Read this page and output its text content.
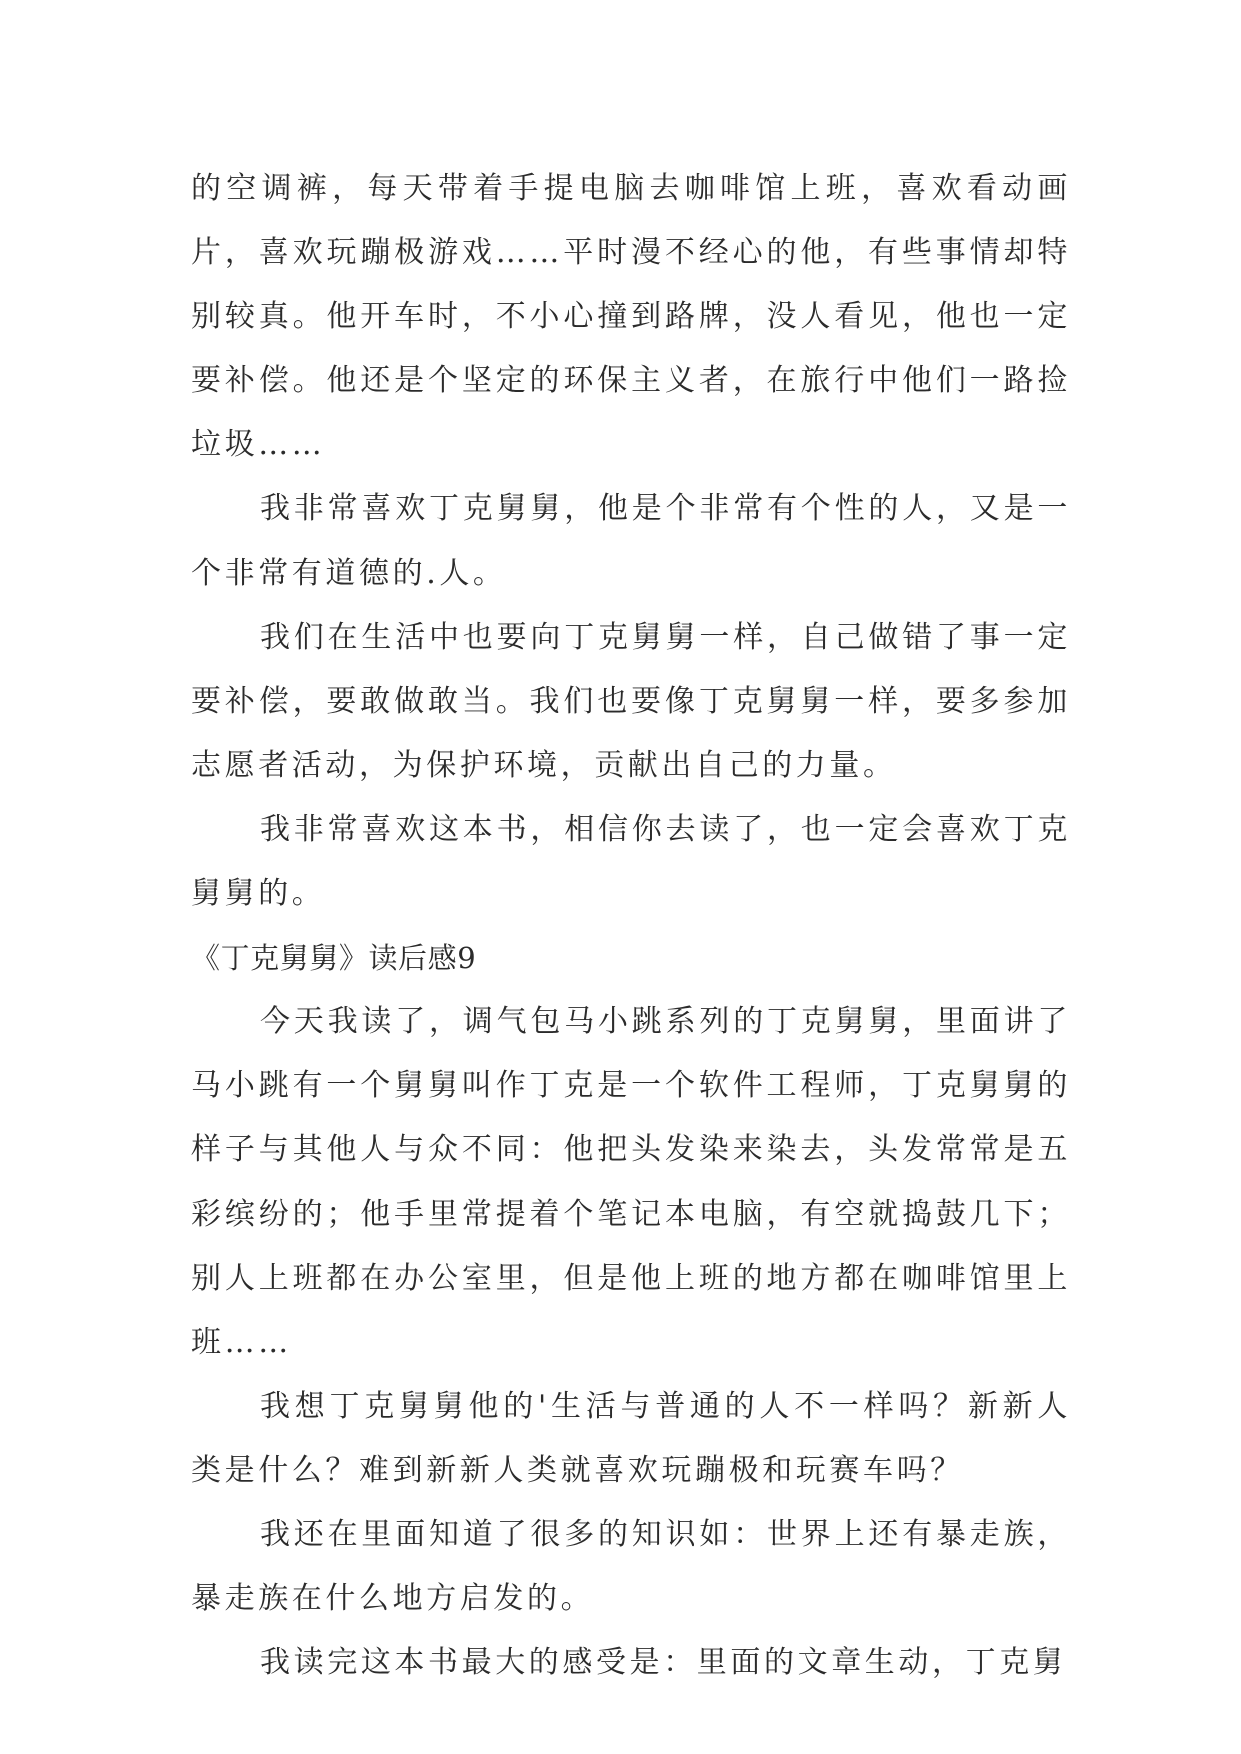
的空调裤，每天带着手提电脑去咖啡馆上班，喜欢看动画片，喜欢玩蹦极游戏……平时漫不经心的他，有些事情却特别较真。他开车时，不小心撞到路牌，没人看见，他也一定要补偿。他还是个坚定的环保主义者，在旅行中他们一路捡垃圾……

我非常喜欢丁克舅舅，他是个非常有个性的人，又是一个非常有道德的.人。

我们在生活中也要向丁克舅舅一样，自己做错了事一定要补偿，要敢做敢当。我们也要像丁克舅舅一样，要多参加志愿者活动，为保护环境，贡献出自己的力量。

我非常喜欢这本书，相信你去读了，也一定会喜欢丁克舅舅的。

《丁克舅舅》读后感9

今天我读了，调气包马小跳系列的丁克舅舅，里面讲了马小跳有一个舅舅叫作丁克是一个软件工程师，丁克舅舅的样子与其他人与众不同：他把头发染来染去，头发常常是五彩缤纷的；他手里常提着个笔记本电脑，有空就捣鼓几下；别人上班都在办公室里，但是他上班的地方都在咖啡馆里上班……

我想丁克舅舅他的'生活与普通的人不一样吗？新新人类是什么？难到新新人类就喜欢玩蹦极和玩赛车吗？

我还在里面知道了很多的知识如：世界上还有暴走族，暴走族在什么地方启发的。

我读完这本书最大的感受是：里面的文章生动，丁克舅
